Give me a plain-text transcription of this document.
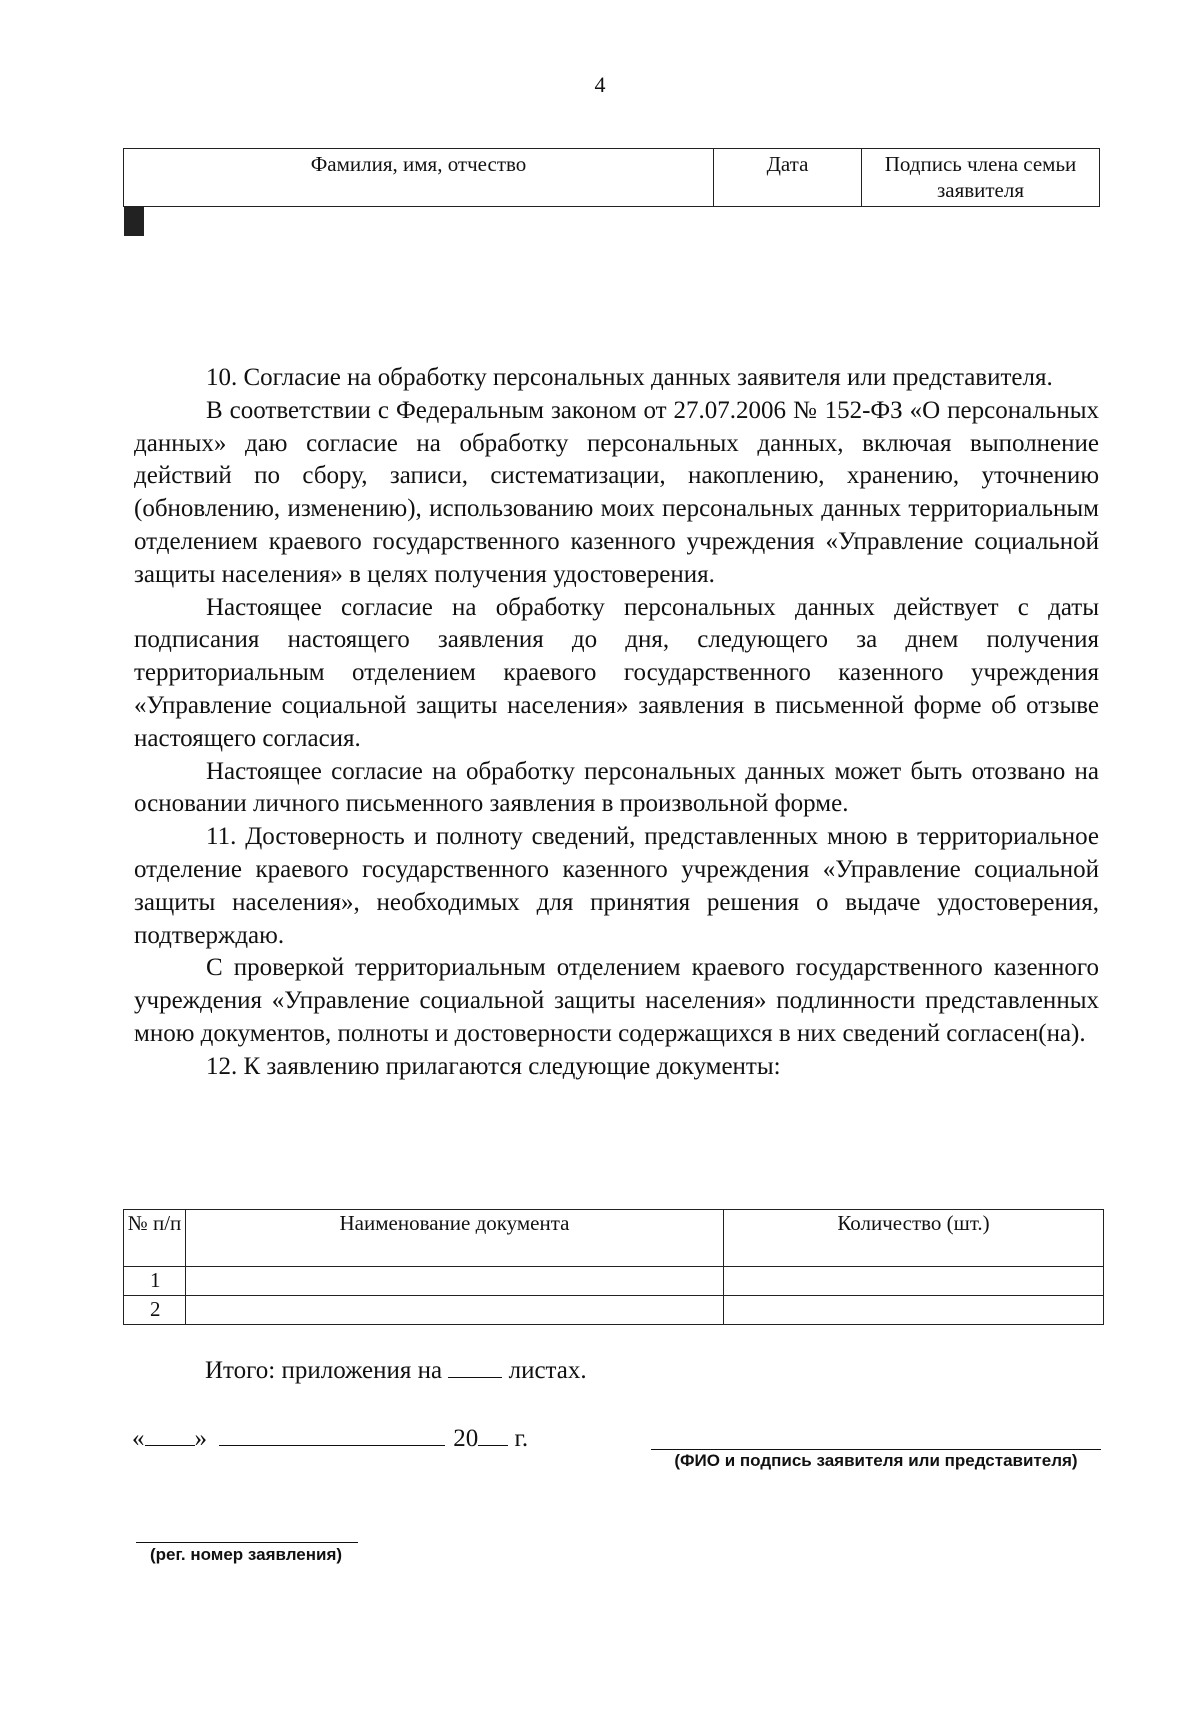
4
Фамилия, имя, отчество	Дата	Подпись члена семьи заявителя

10. Согласие на обработку персональных данных заявителя или представителя.

В соответствии с Федеральным законом от 27.07.2006 № 152-ФЗ «О персональных данных» даю согласие на обработку персональных данных, включая выполнение действий по сбору, записи, систематизации, накоплению, хранению, уточнению (обновлению, изменению), использованию моих персональных данных территориальным отделением краевого государственного казенного учреждения «Управление социальной защиты населения» в целях получения удостоверения.

Настоящее согласие на обработку персональных данных действует с даты подписания настоящего заявления до дня, следующего за днем получения территориальным отделением краевого государственного казенного учреждения «Управление социальной защиты населения» заявления в письменной форме об отзыве настоящего согласия.

Настоящее согласие на обработку персональных данных может быть отозвано на основании личного письменного заявления в произвольной форме.

11. Достоверность и полноту сведений, представленных мною в территориальное отделение краевого государственного казенного учреждения «Управление социальной защиты населения», необходимых для принятия решения о выдаче удостоверения, подтверждаю.

С проверкой территориальным отделением краевого государственного казенного учреждения «Управление социальной защиты населения» подлинности представленных мною документов, полноты и достоверности содержащихся в них сведений согласен(на).

12. К заявлению прилагаются следующие документы:

№ п/п	Наименование документа	Количество (шт.)
1		
2		
Итого: приложения на	листах.
« »	20 г.
(ФИО и подпись заявителя или представителя)
(рег. номер заявления)
